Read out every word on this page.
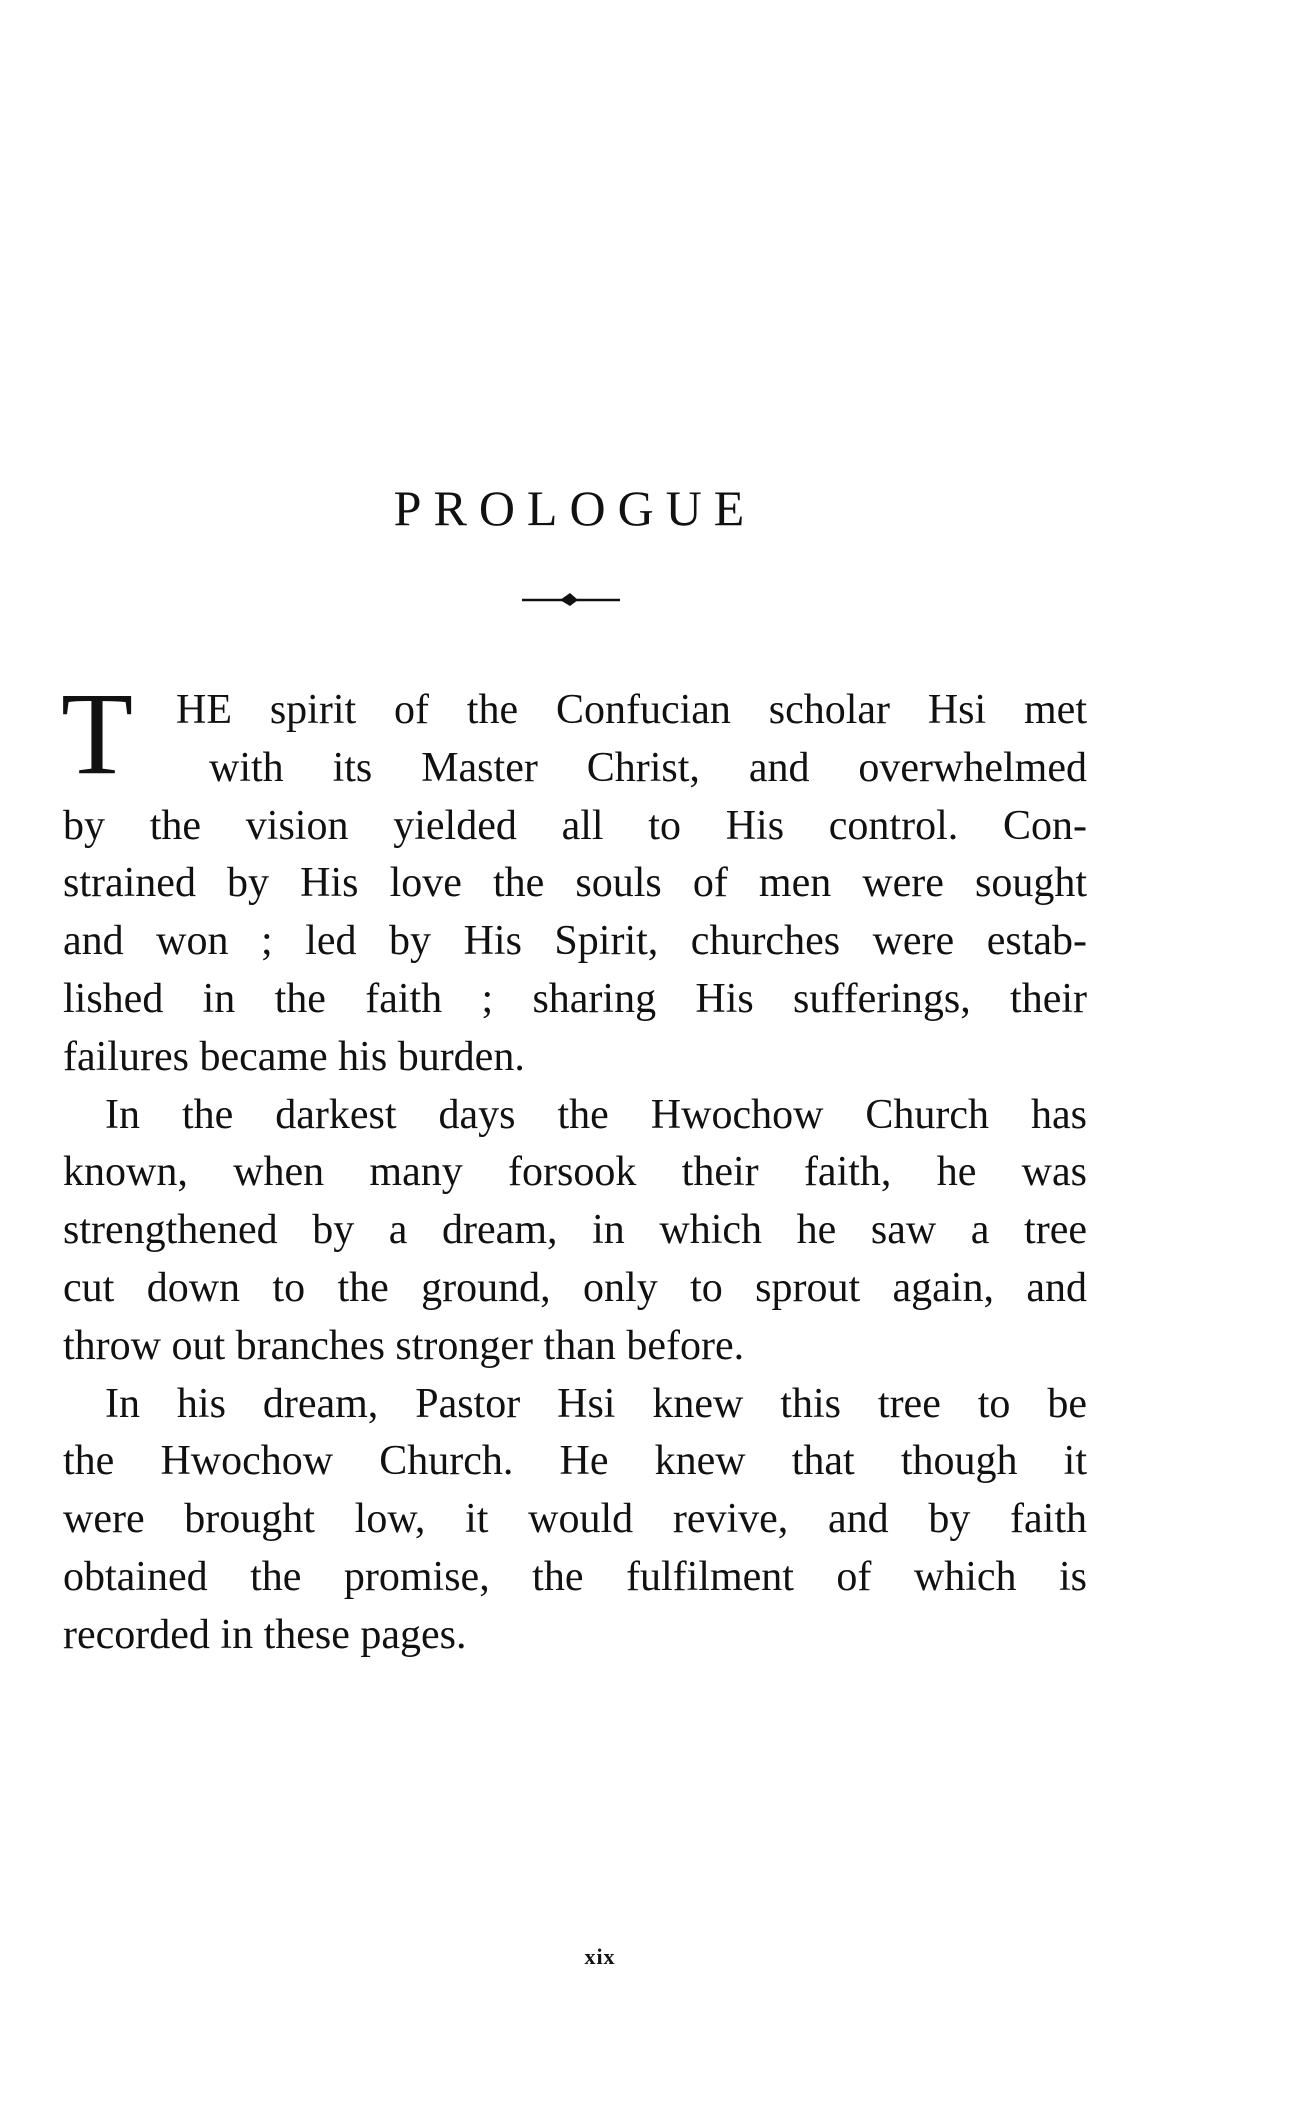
PROLOGUE
T	HE spirit of the Confucian scholar Hsi met
with its Master Christ, and overwhelmed
by the vision yielded all to His control. Con-
strained by His love the souls of men were sought
and won ; led by His Spirit, churches were estab-
lished in the faith ; sharing His sufferings, their
failures became his burden.
In the darkest days the Hwochow Church has
known, when many forsook their faith, he was
strengthened by a dream, in which he saw a tree
cut down to the ground, only to sprout again, and
throw out branches stronger than before.
In his dream, Pastor Hsi knew this tree to be
the Hwochow Church. He knew that though it
were brought low, it would revive, and by faith
obtained the promise, the fulfilment of which is
recorded in these pages.
xix
